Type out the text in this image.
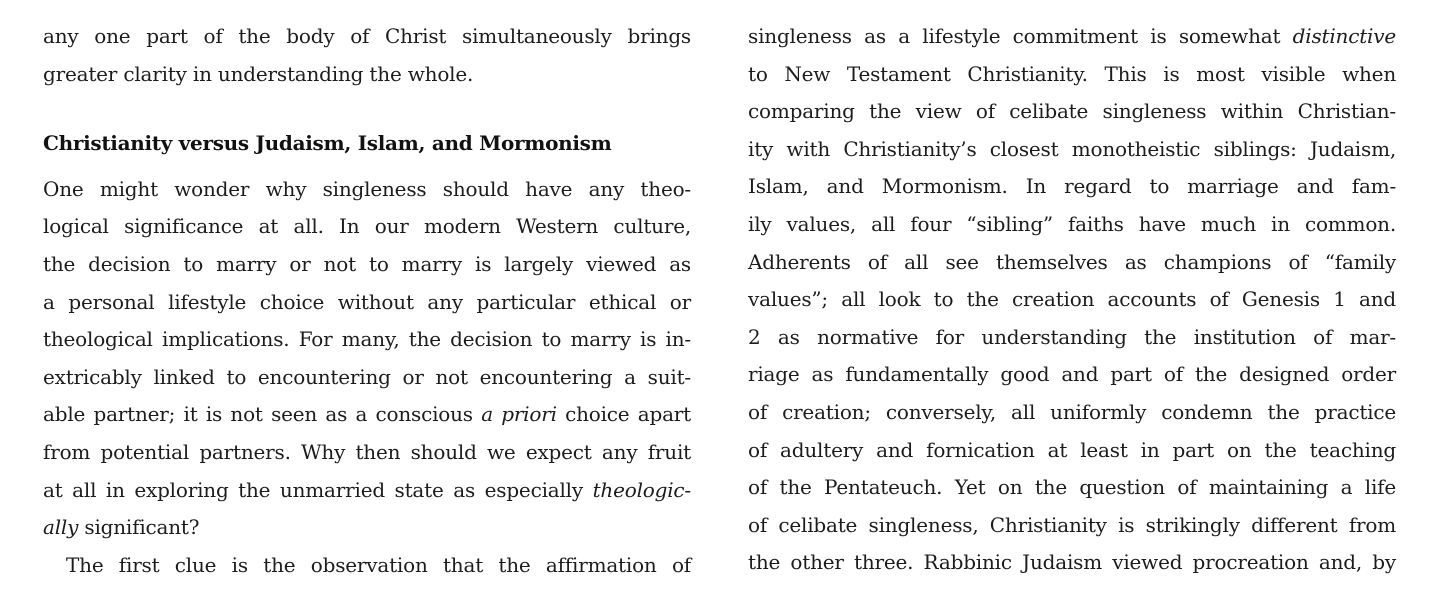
any one part of the body of Christ simultaneously brings
greater clarity in understanding the whole.
Christianity versus Judaism, Islam, and Mormonism
One might wonder why singleness should have any theo-
logical significance at all. In our modern Western culture,
the decision to marry or not to marry is largely viewed as
a personal lifestyle choice without any particular ethical or
theological implications. For many, the decision to marry is in-
extricably linked to encountering or not encountering a suit-
able partner; it is not seen as a conscious a priori choice apart
from potential partners. Why then should we expect any fruit
at all in exploring the unmarried state as especially theologic-
ally significant?
The first clue is the observation that the affirmation of
singleness as a lifestyle commitment is somewhat distinctive
to New Testament Christianity. This is most visible when
comparing the view of celibate singleness within Christian-
ity with Christianity’s closest monotheistic siblings: Judaism,
Islam, and Mormonism. In regard to marriage and fam-
ily values, all four “sibling” faiths have much in common.
Adherents of all see themselves as champions of “family
values”; all look to the creation accounts of Genesis 1 and
2 as normative for understanding the institution of mar-
riage as fundamentally good and part of the designed order
of creation; conversely, all uniformly condemn the practice
of adultery and fornication at least in part on the teaching
of the Pentateuch. Yet on the question of maintaining a life
of celibate singleness, Christianity is strikingly different from
the other three. Rabbinic Judaism viewed procreation and, by
